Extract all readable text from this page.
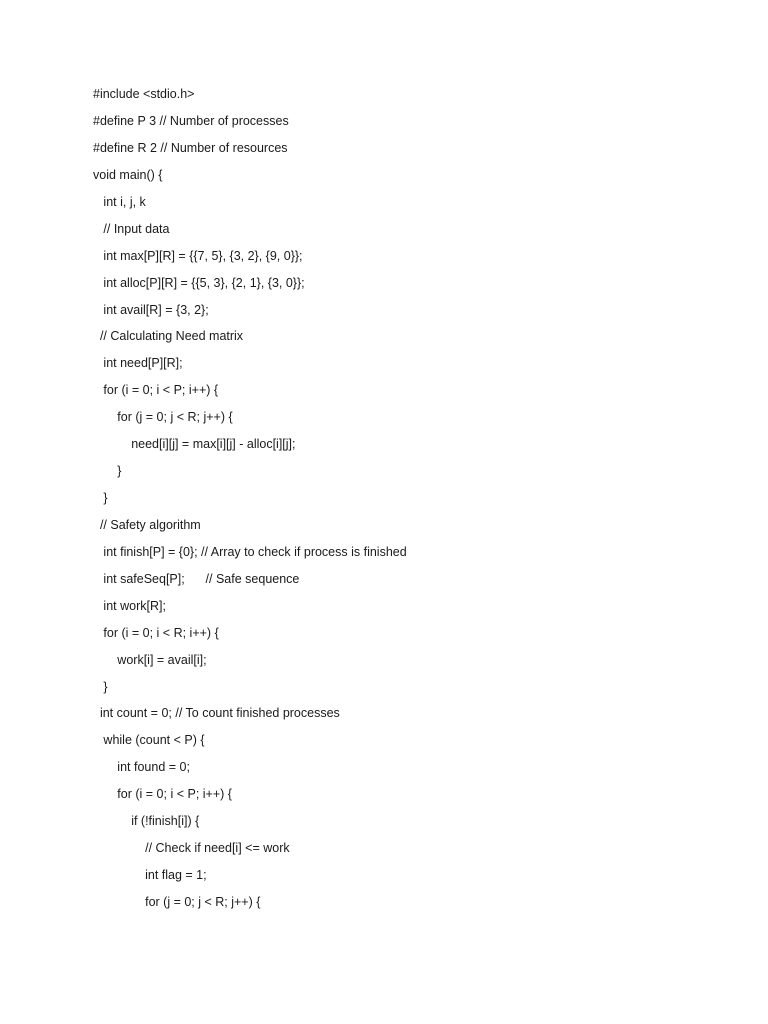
#include <stdio.h>
#define P 3 // Number of processes
#define R 2 // Number of resources
void main() {
int i, j, k
// Input data
int max[P][R] = {{7, 5}, {3, 2}, {9, 0}};
int alloc[P][R] = {{5, 3}, {2, 1}, {3, 0}};
int avail[R] = {3, 2};
// Calculating Need matrix
int need[P][R];
for (i = 0; i < P; i++) {
for (j = 0; j < R; j++) {
need[i][j] = max[i][j] - alloc[i][j];
}
}
// Safety algorithm
int finish[P] = {0}; // Array to check if process is finished
int safeSeq[P];      // Safe sequence
int work[R];
for (i = 0; i < R; i++) {
work[i] = avail[i];
}
int count = 0; // To count finished processes
while (count < P) {
int found = 0;
for (i = 0; i < P; i++) {
if (!finish[i]) {
// Check if need[i] <= work
int flag = 1;
for (j = 0; j < R; j++) {
